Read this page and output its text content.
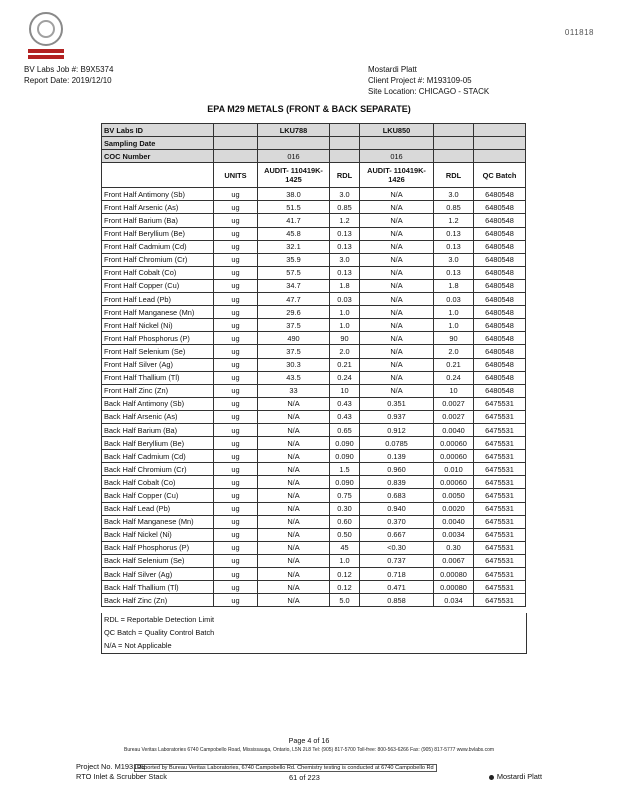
011818
BV Labs Job #: B9X5374
Report Date: 2019/12/10
Mostardi Platt
Client Project #: M193109-05
Site Location: CHICAGO - STACK
EPA M29 METALS (FRONT & BACK SEPARATE)
BV Labs ID		LKU788		LKU850		
Sampling Date						
COC Number		016		016		
	UNITS	AUDIT- 110419K-1425	RDL	AUDIT- 110419K-1426	RDL	QC Batch
Front Half Antimony (Sb)	ug	38.0	3.0	N/A	3.0	6480548
Front Half Arsenic (As)	ug	51.5	0.85	N/A	0.85	6480548
Front Half Barium (Ba)	ug	41.7	1.2	N/A	1.2	6480548
Front Half Beryllium (Be)	ug	45.8	0.13	N/A	0.13	6480548
Front Half Cadmium (Cd)	ug	32.1	0.13	N/A	0.13	6480548
Front Half Chromium (Cr)	ug	35.9	3.0	N/A	3.0	6480548
Front Half Cobalt (Co)	ug	57.5	0.13	N/A	0.13	6480548
Front Half Copper (Cu)	ug	34.7	1.8	N/A	1.8	6480548
Front Half Lead (Pb)	ug	47.7	0.03	N/A	0.03	6480548
Front Half Manganese (Mn)	ug	29.6	1.0	N/A	1.0	6480548
Front Half Nickel (Ni)	ug	37.5	1.0	N/A	1.0	6480548
Front Half Phosphorus (P)	ug	490	90	N/A	90	6480548
Front Half Selenium (Se)	ug	37.5	2.0	N/A	2.0	6480548
Front Half Silver (Ag)	ug	30.3	0.21	N/A	0.21	6480548
Front Half Thallium (Tl)	ug	43.5	0.24	N/A	0.24	6480548
Front Half Zinc (Zn)	ug	33	10	N/A	10	6480548
Back Half Antimony (Sb)	ug	N/A	0.43	0.351	0.0027	6475531
Back Half Arsenic (As)	ug	N/A	0.43	0.937	0.0027	6475531
Back Half Barium (Ba)	ug	N/A	0.65	0.912	0.0040	6475531
Back Half Beryllium (Be)	ug	N/A	0.090	0.0785	0.00060	6475531
Back Half Cadmium (Cd)	ug	N/A	0.090	0.139	0.00060	6475531
Back Half Chromium (Cr)	ug	N/A	1.5	0.960	0.010	6475531
Back Half Cobalt (Co)	ug	N/A	0.090	0.839	0.00060	6475531
Back Half Copper (Cu)	ug	N/A	0.75	0.683	0.0050	6475531
Back Half Lead (Pb)	ug	N/A	0.30	0.940	0.0020	6475531
Back Half Manganese (Mn)	ug	N/A	0.60	0.370	0.0040	6475531
Back Half Nickel (Ni)	ug	N/A	0.50	0.667	0.0034	6475531
Back Half Phosphorus (P)	ug	N/A	45	<0.30	0.30	6475531
Back Half Selenium (Se)	ug	N/A	1.0	0.737	0.0067	6475531
Back Half Silver (Ag)	ug	N/A	0.12	0.718	0.00080	6475531
Back Half Thallium (Tl)	ug	N/A	0.12	0.471	0.00080	6475531
Back Half Zinc (Zn)	ug	N/A	5.0	0.858	0.034	6475531
RDL = Reportable Detection Limit
QC Batch = Quality Control Batch
N/A = Not Applicable
Page 4 of 16
Bureau Veritas Laboratories 6740 Campobello Road, Mississauga, Ontario, L5N 2L8 Tel: (905) 817-5700 Toll-free: 800-563-6266 Fax: (905) 817-5777 www.bvlabs.com
Project No. M193109
RTO Inlet & Scrubber Stack
Reported by Bureau Veritas Laboratories, 6740 Campobello Rd. Chemistry testing is conducted at 6740 Campobello Rd
61 of 223	Mostardi Platt
